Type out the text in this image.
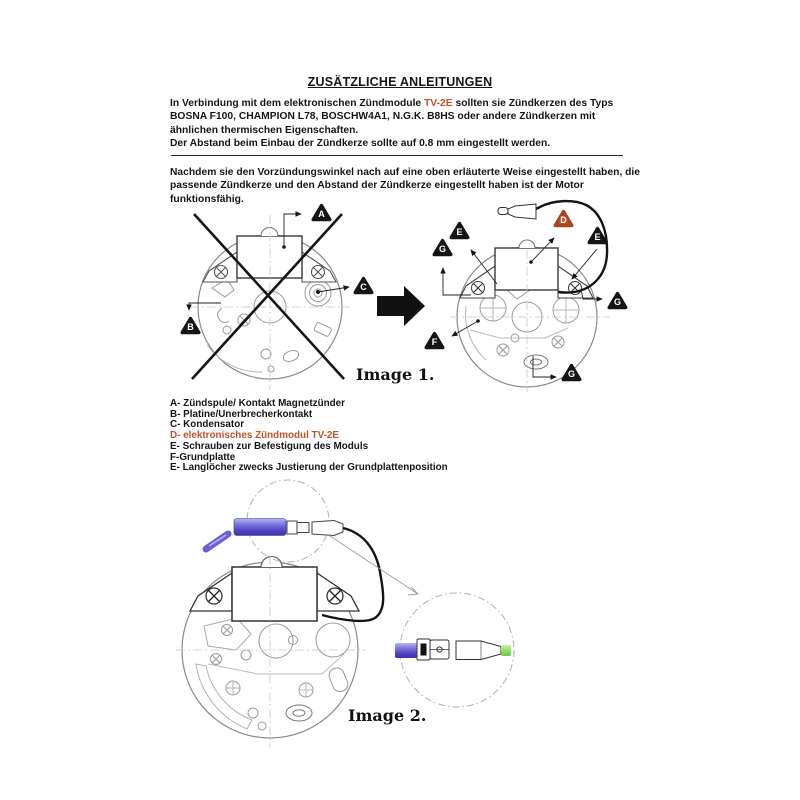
ZUSÄTZLICHE ANLEITUNGEN
In Verbindung mit dem elektronischen Zündmodule TV-2E sollten sie Zündkerzen des Typs BOSNA F100, CHAMPION L78, BOSCHW4A1, N.G.K. B8HS oder andere Zündkerzen mit ähnlichen thermischen Eigenschaften.
Der Abstand beim Einbau der Zündkerze sollte auf 0.8 mm eingestellt werden.
Nachdem sie den Vorzündungswinkel nach auf eine oben erläuterte Weise eingestellt haben, die passende Zündkerze und den Abstand der Zündkerze eingestellt haben ist der Motor funktionsfähig.
A
B
C
G
E
D
E
G
F
G
Image 1.
A- Zündspule/ Kontakt Magnetzünder
B- Platine/Unerbrecherkontakt
C- Kondensator
D- elektronisches Zündmodul TV-2E
E- Schrauben zur Befestigung des Moduls
F-Grundplatte
E- Langlöcher zwecks Justierung der Grundplattenposition
Image 2.
